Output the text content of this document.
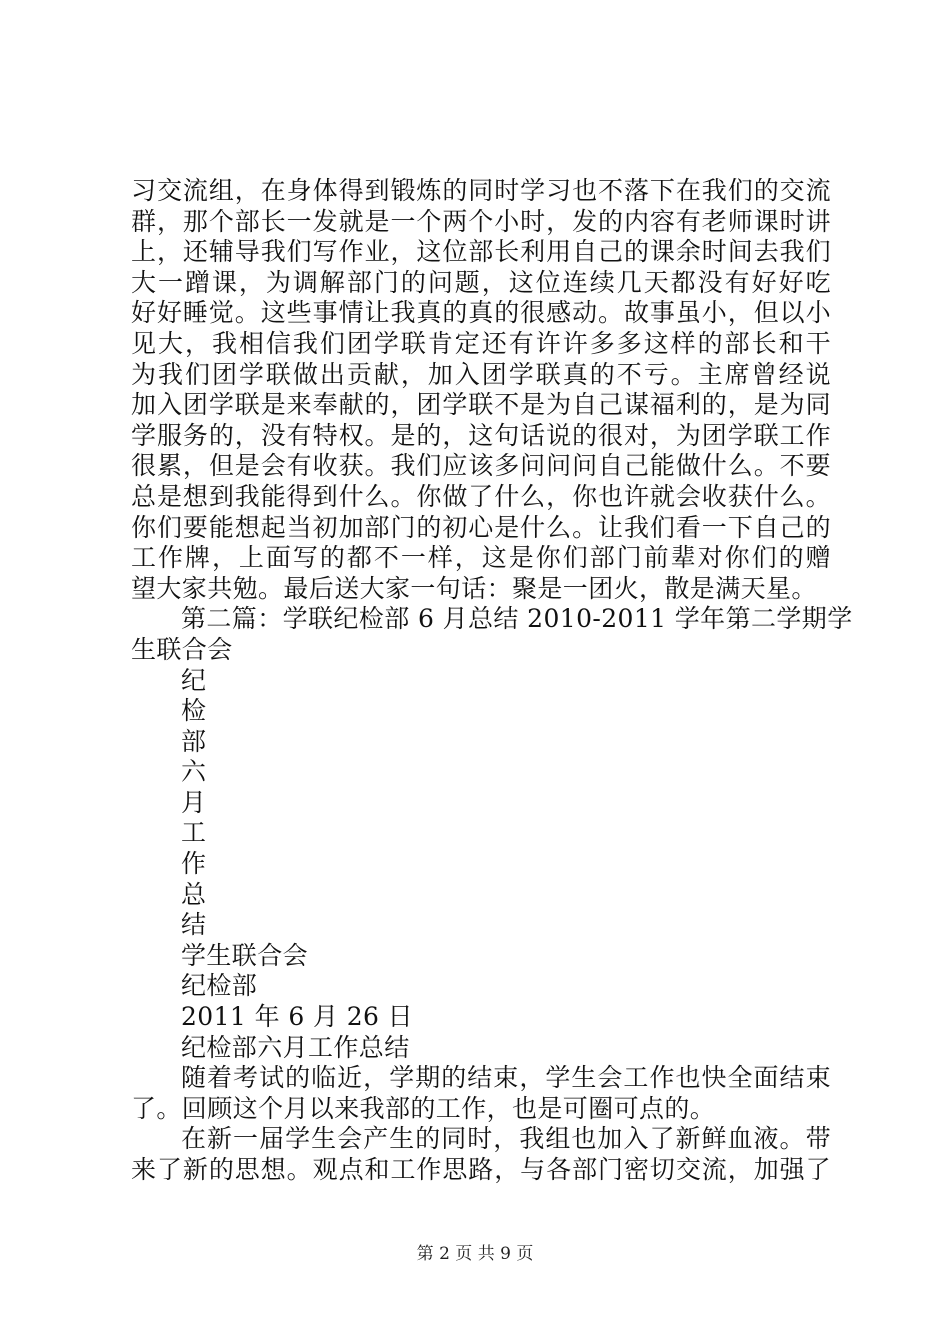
习交流组，在身体得到锻炼的同时学习也不落下在我们的交流
群，那个部长一发就是一个两个小时，发的内容有老师课时讲
上，还辅导我们写作业，这位部长利用自己的课余时间去我们
大一蹭课，为调解部门的问题，这位连续几天都没有好好吃
好好睡觉。这些事情让我真的真的很感动。故事虽小，但以小
见大，我相信我们团学联肯定还有许许多多这样的部长和干
为我们团学联做出贡献，加入团学联真的不亏。主席曾经说
加入团学联是来奉献的，团学联不是为自己谋福利的，是为同
学服务的，没有特权。是的，这句话说的很对，为团学联工作
很累，但是会有收获。我们应该多问问问自己能做什么。不要
总是想到我能得到什么。你做了什么，你也许就会收获什么。
你们要能想起当初加部门的初心是什么。让我们看一下自己的
工作牌，上面写的都不一样，这是你们部门前辈对你们的赠
望大家共勉。最后送大家一句话：聚是一团火，散是满天星。
第二篇：学联纪检部 6 月总结 2010-2011 学年第二学期学
生联合会
纪
检
部
六
月
工
作
总
结
学生联合会
纪检部
2011 年 6 月 26 日
纪检部六月工作总结
随着考试的临近，学期的结束，学生会工作也快全面结束
了。回顾这个月以来我部的工作，也是可圈可点的。
在新一届学生会产生的同时，我组也加入了新鲜血液。带
来了新的思想。观点和工作思路，与各部门密切交流，加强了
第 2 页 共 9 页
